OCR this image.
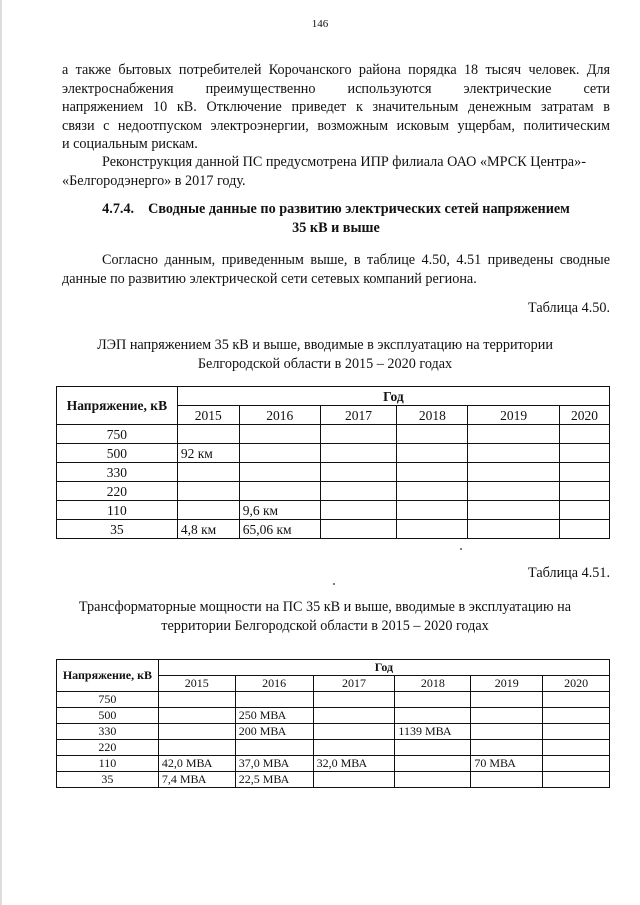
146
а также бытовых потребителей Корочанского района порядка 18 тысяч человек. Для
электроснабжения преимущественно используются электрические сети
напряжением 10 кВ. Отключение приведет к значительным денежным затратам в
связи с недоотпуском электроэнергии, возможным исковым ущербам, политическим
и социальным рискам.
Реконструкция данной ПС предусмотрена ИПР филиала ОАО «МРСК Центра»- «Белгородэнерго» в 2017 году.
4.7.4. Сводные данные по развитию электрических сетей напряжением
35 кВ и выше
Согласно данным, приведенным выше, в таблице 4.50, 4.51 приведены сводные данные по развитию электрической сети сетевых компаний региона.
Таблица 4.50.
ЛЭП напряжением 35 кВ и выше, вводимые в эксплуатацию на территории
Белгородской области в 2015 – 2020 годах
Напряжение, кВ	Год					
	2015	2016	2017	2018	2019	2020
750						
500	92 км					
330						
220						
110		9,6 км				
35	4,8 км	65,06 км				
Таблица 4.51.
Трансформаторные мощности на ПС 35 кВ и выше, вводимые в эксплуатацию на
территории Белгородской области в 2015 – 2020 годах
Напряжение, кВ	Год					
	2015	2016	2017	2018	2019	2020
750						
500		250 МВА				
330		200 МВА		1139 МВА		
220						
110	42,0 МВА	37,0 МВА	32,0 МВА		70 МВА	
35	7,4 МВА	22,5 МВА				
